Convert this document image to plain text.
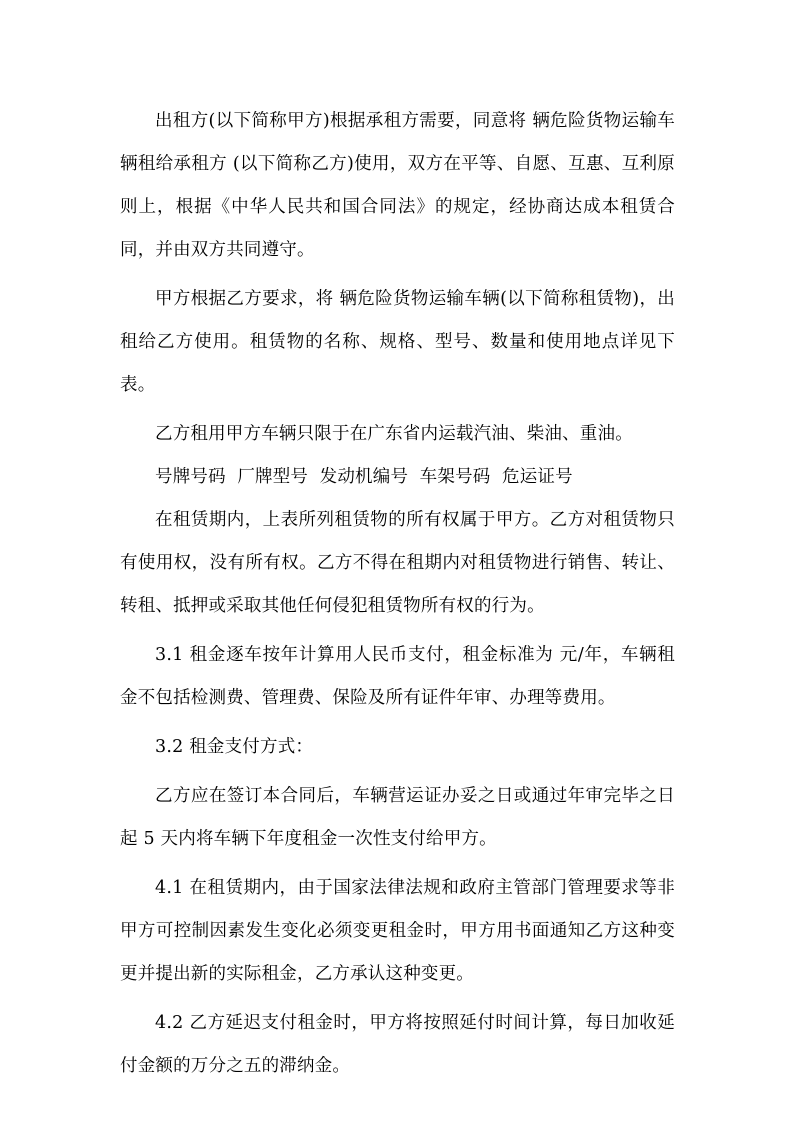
出租方(以下简称甲方)根据承租方需要，同意将 辆危险货物运输车辆租给承租方 (以下简称乙方)使用，双方在平等、自愿、互惠、互利原则上，根据《中华人民共和国合同法》的规定，经协商达成本租赁合同，并由双方共同遵守。

甲方根据乙方要求，将 辆危险货物运输车辆(以下简称租赁物)，出租给乙方使用。租赁物的名称、规格、型号、数量和使用地点详见下表。

乙方租用甲方车辆只限于在广东省内运载汽油、柴油、重油。

号牌号码  厂牌型号  发动机编号  车架号码  危运证号

在租赁期内，上表所列租赁物的所有权属于甲方。乙方对租赁物只有使用权，没有所有权。乙方不得在租期内对租赁物进行销售、转让、转租、抵押或采取其他任何侵犯租赁物所有权的行为。

3.1 租金逐车按年计算用人民币支付，租金标准为 元/年，车辆租金不包括检测费、管理费、保险及所有证件年审、办理等费用。

3.2 租金支付方式：

乙方应在签订本合同后，车辆营运证办妥之日或通过年审完毕之日起 5 天内将车辆下年度租金一次性支付给甲方。

4.1 在租赁期内，由于国家法律法规和政府主管部门管理要求等非甲方可控制因素发生变化必须变更租金时，甲方用书面通知乙方这种变更并提出新的实际租金，乙方承认这种变更。

4.2 乙方延迟支付租金时，甲方将按照延付时间计算，每日加收延付金额的万分之五的滞纳金。
